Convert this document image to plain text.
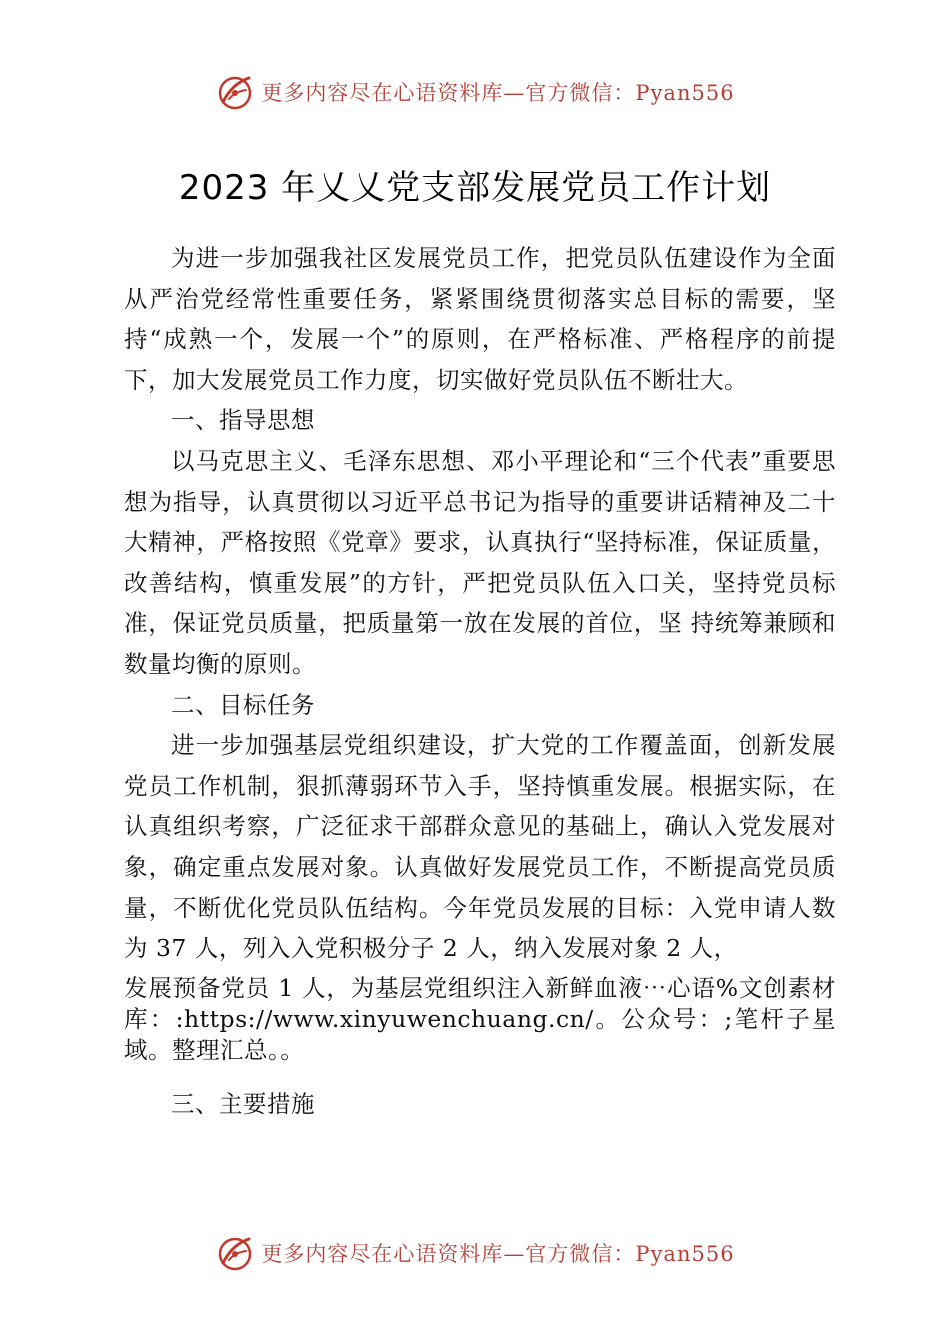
更多内容尽在心语资料库—官方微信：Pyan556
2023 年乂乂党支部发展党员工作计划

为进一步加强我社区发展党员工作，把党员队伍建设作为全面从严治党经常性重要任务，紧紧围绕贯彻落实总目标的需要，坚持“成熟一个，发展一个”的原则，在严格标准、严格程序的前提下，加大发展党员工作力度，切实做好党员队伍不断壮大。

一、指导思想

以马克思主义、毛泽东思想、邓小平理论和“三个代表”重要思想为指导，认真贯彻以习近平总书记为指导的重要讲话精神及二十大精神，严格按照《党章》要求，认真执行“坚持标准，保证质量，改善结构，慎重发展”的方针，严把党员队伍入口关，坚持党员标准，保证党员质量，把质量第一放在发展的首位，坚 持统筹兼顾和数量均衡的原则。

二、目标任务

进一步加强基层党组织建设，扩大党的工作覆盖面，创新发展党员工作机制，狠抓薄弱环节入手，坚持慎重发展。根据实际，在认真组织考察，广泛征求干部群众意见的基础上，确认入党发展对象，确定重点发展对象。认真做好发展党员工作，不断提高党员质量，不断优化党员队伍结构。今年党员发展的目标：入党申请人数为 37 人，列入入党积极分子 2 人，纳入发展对象 2 人，

发展预备党员 1 人，为基层党组织注入新鲜血液⋯心语%文创素材库：:https://www.xinyuwenchuang.cn/。公众号：;笔杆子星域。整理汇总。。

三、主要措施

更多内容尽在心语资料库—官方微信：Pyan556
